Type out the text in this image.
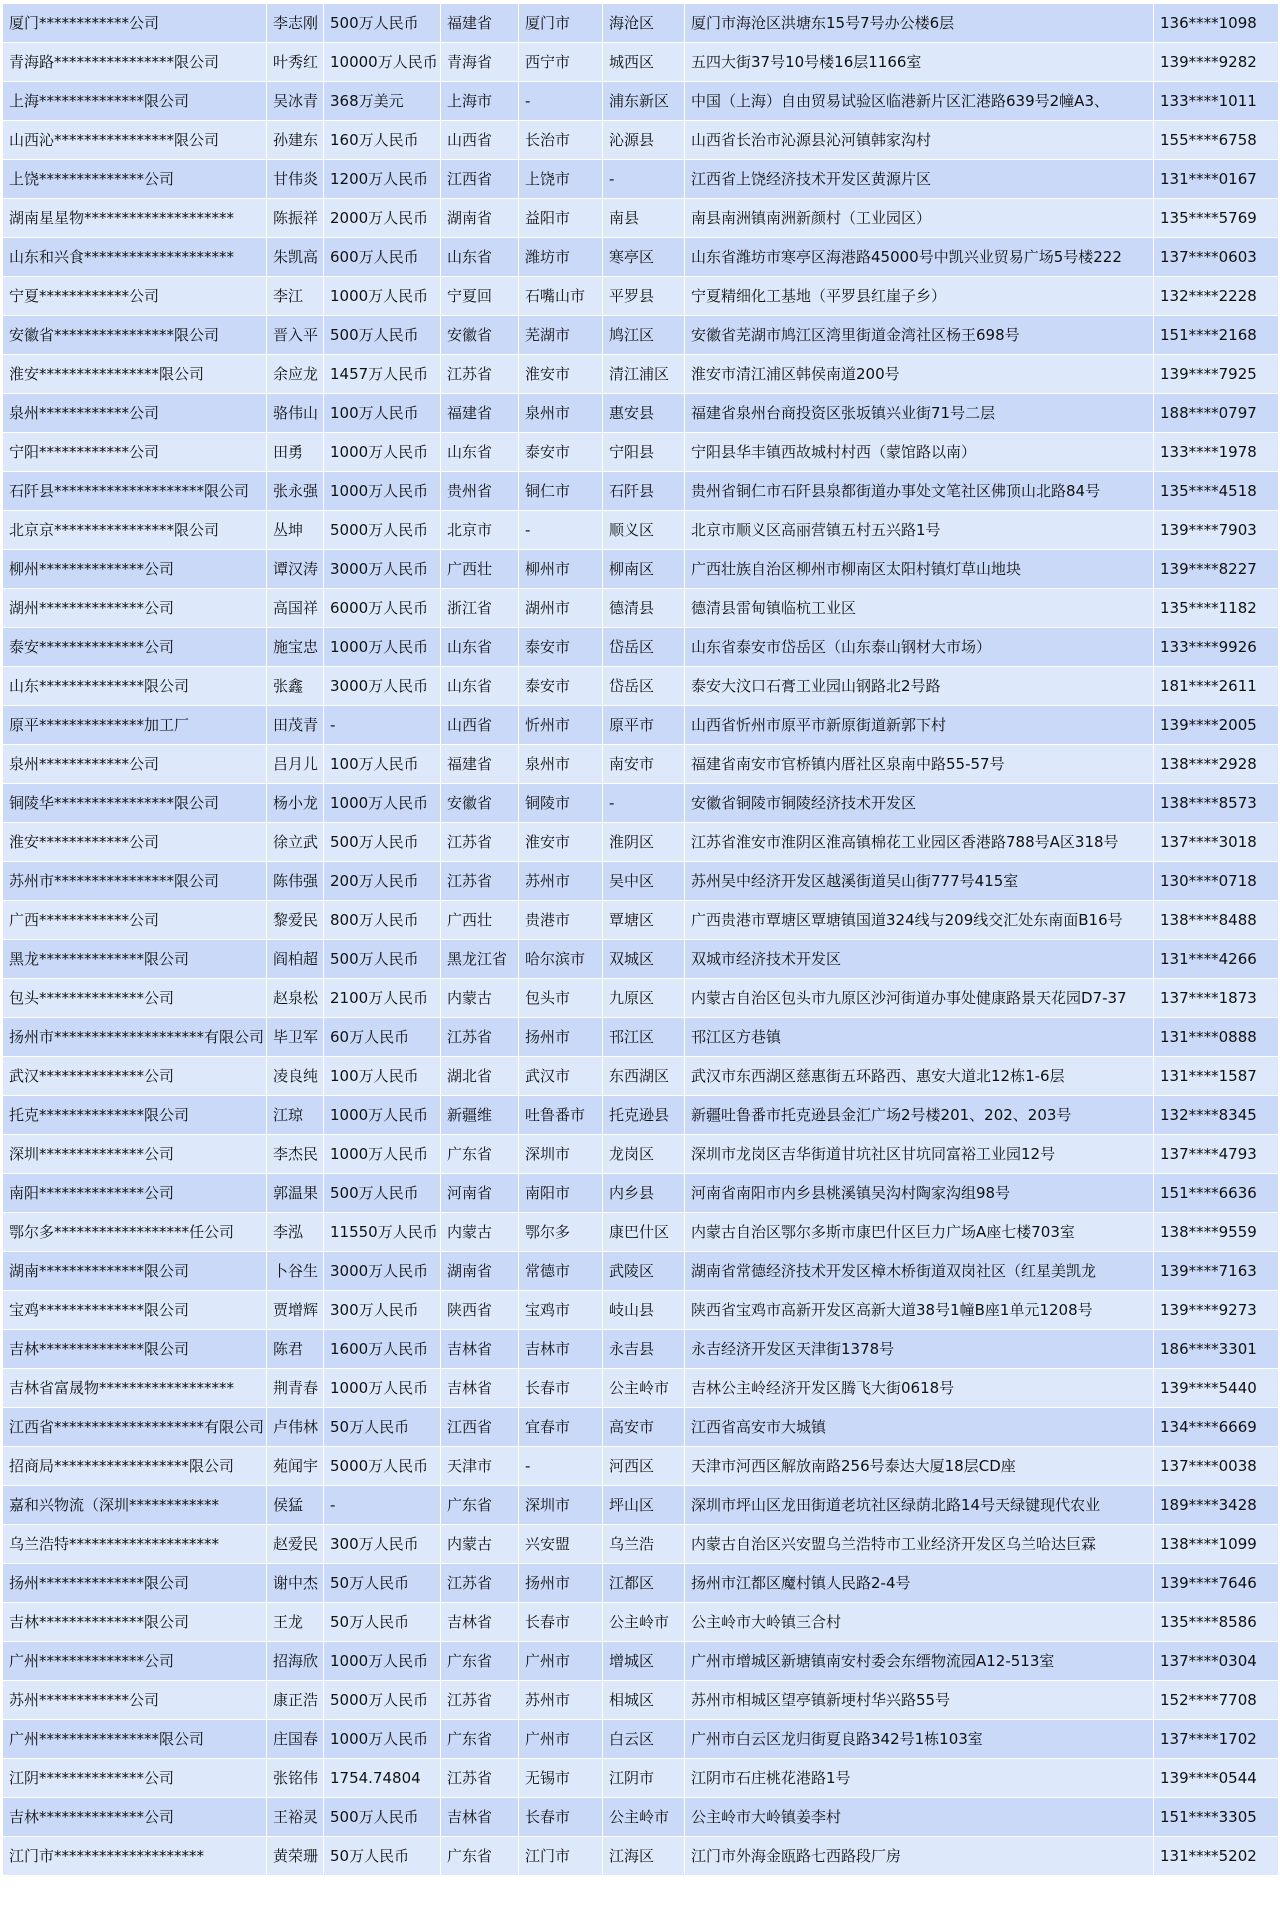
厦门************公司	李志刚	500万人民币	福建省	厦门市	海沧区	厦门市海沧区洪塘东15号7号办公楼6层	136****1098
青海路****************限公司	叶秀红	10000万人民币	青海省	西宁市	城西区	五四大街37号10号楼16层1166室	139****9282
上海**************限公司	吴冰青	368万美元	上海市	-	浦东新区	中国（上海）自由贸易试验区临港新片区汇港路639号2幢A3、	133****1011
山西沁****************限公司	孙建东	160万人民币	山西省	长治市	沁源县	山西省长治市沁源县沁河镇韩家沟村	155****6758
上饶**************公司	甘伟炎	1200万人民币	江西省	上饶市	-	江西省上饶经济技术开发区黄源片区	131****0167
湖南星星物********************	陈振祥	2000万人民币	湖南省	益阳市	南县	南县南洲镇南洲新颜村（工业园区）	135****5769
山东和兴食********************	朱凯高	600万人民币	山东省	潍坊市	寒亭区	山东省潍坊市寒亭区海港路45000号中凯兴业贸易广场5号楼222	137****0603
宁夏************公司	李江	1000万人民币	宁夏回	石嘴山市	平罗县	宁夏精细化工基地（平罗县红崖子乡）	132****2228
安徽省****************限公司	晋入平	500万人民币	安徽省	芜湖市	鸠江区	安徽省芜湖市鸠江区湾里街道金湾社区杨王698号	151****2168
淮安****************限公司	余应龙	1457万人民币	江苏省	淮安市	清江浦区	淮安市清江浦区韩侯南道200号	139****7925
泉州************公司	骆伟山	100万人民币	福建省	泉州市	惠安县	福建省泉州台商投资区张坂镇兴业街71号二层	188****0797
宁阳************公司	田勇	1000万人民币	山东省	泰安市	宁阳县	宁阳县华丰镇西故城村村西（蒙馆路以南）	133****1978
石阡县********************限公司	张永强	1000万人民币	贵州省	铜仁市	石阡县	贵州省铜仁市石阡县泉都街道办事处文笔社区佛顶山北路84号	135****4518
北京京****************限公司	丛坤	5000万人民币	北京市	-	顺义区	北京市顺义区高丽营镇五村五兴路1号	139****7903
柳州**************公司	谭汉涛	3000万人民币	广西壮	柳州市	柳南区	广西壮族自治区柳州市柳南区太阳村镇灯草山地块	139****8227
湖州**************公司	高国祥	6000万人民币	浙江省	湖州市	德清县	德清县雷甸镇临杭工业区	135****1182
泰安**************公司	施宝忠	1000万人民币	山东省	泰安市	岱岳区	山东省泰安市岱岳区（山东泰山钢材大市场）	133****9926
山东**************限公司	张鑫	3000万人民币	山东省	泰安市	岱岳区	泰安大汶口石膏工业园山钢路北2号路	181****2611
原平**************加工厂	田茂青	-	山西省	忻州市	原平市	山西省忻州市原平市新原街道新郭下村	139****2005
泉州************公司	吕月儿	100万人民币	福建省	泉州市	南安市	福建省南安市官桥镇内厝社区泉南中路55-57号	138****2928
铜陵华****************限公司	杨小龙	1000万人民币	安徽省	铜陵市	-	安徽省铜陵市铜陵经济技术开发区	138****8573
淮安************公司	徐立武	500万人民币	江苏省	淮安市	淮阴区	江苏省淮安市淮阴区淮高镇棉花工业园区香港路788号A区318号	137****3018
苏州市****************限公司	陈伟强	200万人民币	江苏省	苏州市	吴中区	苏州吴中经济开发区越溪街道吴山街777号415室	130****0718
广西************公司	黎爱民	800万人民币	广西壮	贵港市	覃塘区	广西贵港市覃塘区覃塘镇国道324线与209线交汇处东南面B16号	138****8488
黑龙**************限公司	阎柏超	500万人民币	黑龙江省	哈尔滨市	双城区	双城市经济技术开发区	131****4266
包头**************公司	赵泉松	2100万人民币	内蒙古	包头市	九原区	内蒙古自治区包头市九原区沙河街道办事处健康路景天花园D7-37	137****1873
扬州市********************有限公司	毕卫军	60万人民币	江苏省	扬州市	邗江区	邗江区方巷镇	131****0888
武汉**************公司	凌良纯	100万人民币	湖北省	武汉市	东西湖区	武汉市东西湖区慈惠街五环路西、惠安大道北12栋1-6层	131****1587
托克**************限公司	江琼	1000万人民币	新疆维	吐鲁番市	托克逊县	新疆吐鲁番市托克逊县金汇广场2号楼201、202、203号	132****8345
深圳**************公司	李杰民	1000万人民币	广东省	深圳市	龙岗区	深圳市龙岗区吉华街道甘坑社区甘坑同富裕工业园12号	137****4793
南阳**************公司	郭温果	500万人民币	河南省	南阳市	内乡县	河南省南阳市内乡县桃溪镇吴沟村陶家沟组98号	151****6636
鄂尔多******************任公司	李泓	11550万人民币	内蒙古	鄂尔多	康巴什区	内蒙古自治区鄂尔多斯市康巴什区巨力广场A座七楼703室	138****9559
湖南**************限公司	卜谷生	3000万人民币	湖南省	常德市	武陵区	湖南省常德经济技术开发区樟木桥街道双岗社区（红星美凯龙	139****7163
宝鸡**************限公司	贾增辉	300万人民币	陕西省	宝鸡市	岐山县	陕西省宝鸡市高新开发区高新大道38号1幢B座1单元1208号	139****9273
吉林**************限公司	陈君	1600万人民币	吉林省	吉林市	永吉县	永吉经济开发区天津街1378号	186****3301
吉林省富晟物******************	荆青春	1000万人民币	吉林省	长春市	公主岭市	吉林公主岭经济开发区腾飞大街0618号	139****5440
江西省********************有限公司	卢伟林	50万人民币	江西省	宜春市	高安市	江西省高安市大城镇	134****6669
招商局******************限公司	苑闻宇	5000万人民币	天津市	-	河西区	天津市河西区解放南路256号泰达大厦18层CD座	137****0038
嘉和兴物流（深圳************	侯猛	-	广东省	深圳市	坪山区	深圳市坪山区龙田街道老坑社区绿荫北路14号天绿键现代农业	189****3428
乌兰浩特********************	赵爱民	300万人民币	内蒙古	兴安盟	乌兰浩	内蒙古自治区兴安盟乌兰浩特市工业经济开发区乌兰哈达巨霖	138****1099
扬州**************限公司	谢中杰	50万人民币	江苏省	扬州市	江都区	扬州市江都区魔村镇人民路2-4号	139****7646
吉林**************限公司	王龙	50万人民币	吉林省	长春市	公主岭市	公主岭市大岭镇三合村	135****8586
广州**************公司	招海欣	1000万人民币	广东省	广州市	增城区	广州市增城区新塘镇南安村委会东缙物流园A12-513室	137****0304
苏州************公司	康正浩	5000万人民币	江苏省	苏州市	相城区	苏州市相城区望亭镇新埂村华兴路55号	152****7708
广州****************限公司	庄国春	1000万人民币	广东省	广州市	白云区	广州市白云区龙归街夏良路342号1栋103室	137****1702
江阴**************公司	张铭伟	1754.74804	江苏省	无锡市	江阴市	江阴市石庄桃花港路1号	139****0544
吉林**************公司	王裕灵	500万人民币	吉林省	长春市	公主岭市	公主岭市大岭镇姜李村	151****3305
江门市********************	黄荣珊	50万人民币	广东省	江门市	江海区	江门市外海金瓯路七西路段厂房	131****5202
